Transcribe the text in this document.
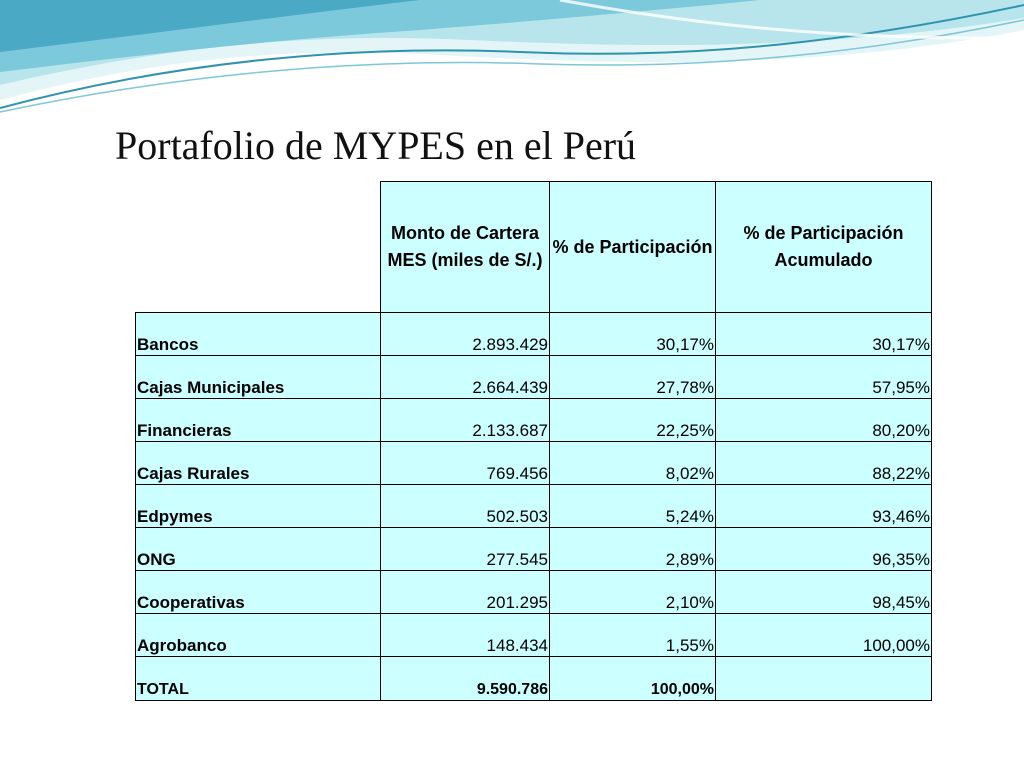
Portafolio de MYPES en el Perú
	Monto de Cartera MES (miles de S/.)	% de Participación	% de Participación Acumulado
Bancos	2.893.429	30,17%	30,17%
Cajas Municipales	2.664.439	27,78%	57,95%
Financieras	2.133.687	22,25%	80,20%
Cajas Rurales	769.456	8,02%	88,22%
Edpymes	502.503	5,24%	93,46%
ONG	277.545	2,89%	96,35%
Cooperativas	201.295	2,10%	98,45%
Agrobanco	148.434	1,55%	100,00%
TOTAL	9.590.786	100,00%	
